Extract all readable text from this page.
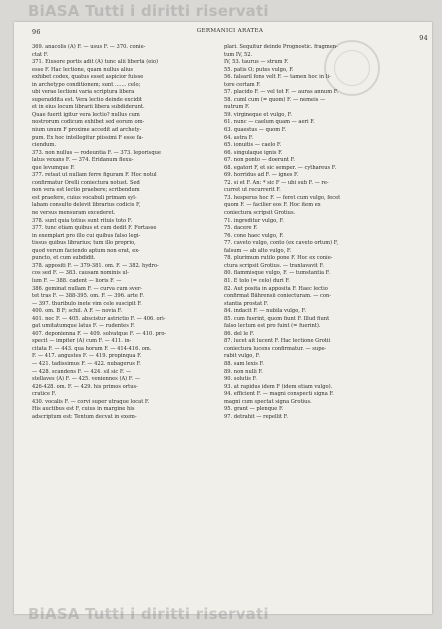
BiASA Tutti i diritti riservati
96	GERMANICI ARATEA
94
369. anacolis (A) F. — usus F. — 370. conie-
ctat F.
371. Eiusore portis adit (A) tunc alii libertà (eio)
esse F. Hac lectione, quam nullus alius
exhibet codex, quatus esset aspicior fuisse
in archetypo conditionem; sunt ....... celo;
ubi verae lectioni varia scriptura libera
superaddita est. Vera lectio deinde excidit
et in eius locum librarii libera subdiderunt.
Quae fuerit igitur vera lectio? nullus cum
nostrorum codicum exhibet sed eorum om-
nium unum F proxime accedit ad archety-
pum. Ex hoc intellegitur piissimi F esse fa-
ciendum.
373. non nullus — rodeuntia F. — 373. leporisque
latus vexans F. — 374. Eridanum flexu-
que levumque F.
377. retsat ut nullam ferre figuram F. Hoc notul
confirmatur Orelli coniectura notust. Sed
non vera est lectio praebere; scribendum
est praefere, cuius vocabuli primam syl-
labam consulto delevit librarius codicis F,
ne versus mensuram excederet.
378. sunt quia totius sunt rituis toto F.
377. tunc etiam quibus et cum dedit F. Fortasse
in exemplari pro illo cui quibus falso legi-
tissus quibus librarius; tum illo proprio,
quod verum faciendo aptum non erat, ex-
puncto, et cum subdidit.
378. appositi F. — 379-381. om. F. — 382. hydro-
cos sed F. — 383. causam nominis ul-
lum F. — 388. cadent — lioris F. —
386. geminat nullam F. — curva cum sver-
tet tras F. — 388-395. om. F. — 396. arte F.
— 397. thuribulo inete vim cele suscipit F.
400. om. B F; schil. A F. — novia F.
401. nec F. — 405. abscistur astrictio F. — 406. ori-
gat umitatumque latus F. — rudentes F.
407. deponienna F. — 409. solvatque F. — 410. pro-
specit — impiter (A) cum F. — 411. in-
citata F. — 443. qua horum F. — 414-416. om.
F. — 417. angustes F. — 419. propinqua F.
— 421. tadissimus F. — 422. nubagerus F.
— 428. scandens F. — 424. sil sic F. —
stellaves (A) F. — 425. veniennes (A) F. —
426-428. om. F. — 429. his primos ortus-
cratice F.
430. vocalis F. — corvi super utraque locat F.
His auctibus est F, cuius in margine his
adscriptum est: Tentum decvat in exem-
plari. Sequitur deinde Prognostic. fragmen-
tum IV, 52.
IV, 53. taurus — strum F.
55. patis O; putes vulgo, F.
56. falsaril fons velt F. — tamen hoc in li-
tore certam F.
57. placido F. — vel tot F. — auras annum F.
58. cuml cum (= quom) F. — nemeis —
nutrum F.
59. virgineque et vulgo, F.
61. nunc — caelum quam — aeri F.
63. quaestus — quom F.
64. astra F.
65. ionuitis — caelo F.
66. singulaque ignis F.
67. non ponto — doerunt F.
68. egatori F, et sic semper. — cythareus F.
69. horridus ad F. — ignes F.
72. si et F. An: * sic F — ubi sub F. — re-
curret ut recurrerit F.
73. hesperus hoc F. — feret cum vulgo, fecet
quom F. — facilier eos F. Hoc item ex
coniectura scripsit Grotius.
71. ingreditur vulgo, F.
75. dacere F.
76. cone haec vulgo, F.
77. caveto vulgo, conto (ex caveto ortum) F,
falsum — ab alto vulgo, F.
78. plurimum rutilo pone F. Hoc ex conie-
ctura scripsit Grotius. — tranlavavit F.
80. flammisque vulgo, F. — tumstantia F.
81. E tolo (= celo) duri F.
82. Aut posita in apposita F. Haec lectio
confirmat Bährensii coniecturam. — con-
stantia prostat F.
84. indacit F. — nubila vulgo, F.
85. cum fuerint, quom fiunt F. Illud fiunt
falso lectum est pro fuint (= fuerint).
86. del le F.
87. lucet ait lucent F. Hac lectione Grotii
coniectura lucens confirmatur. — supe-
rabit vulgo, F.
88. sam lexis F.
89. non nulli F.
90. solutis F.
93. at rapidus idem F (idem etiam vulgo).
94. efficient F. — magni conspecti signa F.
magni cum spectat signa Grotius.
95. grant — plenque F.
97. detrahit — repellit F.
BiASA Tutti i diritti riservati
